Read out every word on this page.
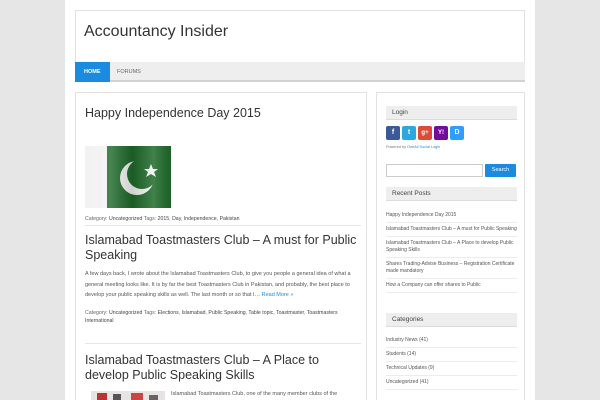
Accountancy Insider
HOME	FORUMS
Happy Independence Day 2015
Category: Uncategorized Tags: 2015, Day, Independence, Pakistan
Islamabad Toastmasters Club – A must for Public Speaking
A few days back, I wrote about the Islamabad Toastmasters Club, to give you people a general idea of what a general meeting looks like. It is by far the best Toastmasters Club in Pakistan, and probably, the best place to develop your public speaking skills as well. The last month or so that I… Read More »
Category: Uncategorized Tags: Elections, Islamabad, Public Speaking, Table topic, Toastmaster, Toastmasters International
Islamabad Toastmasters Club – A Place to develop Public Speaking Skills
Islamabad Toastmasters Club, one of the many member clubs of the
Login
f	t	g+	Y!	D
Powered by OneAll Social Login
Search
Recent Posts
Happy Independence Day 2015
Islamabad Toastmasters Club – A must for Public Speaking
Islamabad Toastmasters Club – A Place to develop Public Speaking Skills
Shares Trading-Advise Business – Registration Certificate made mandatory
How a Company can offer shares to Public
Categories
Industry News (41)
Students (14)
Technical Updates (9)
Uncategorized (41)
